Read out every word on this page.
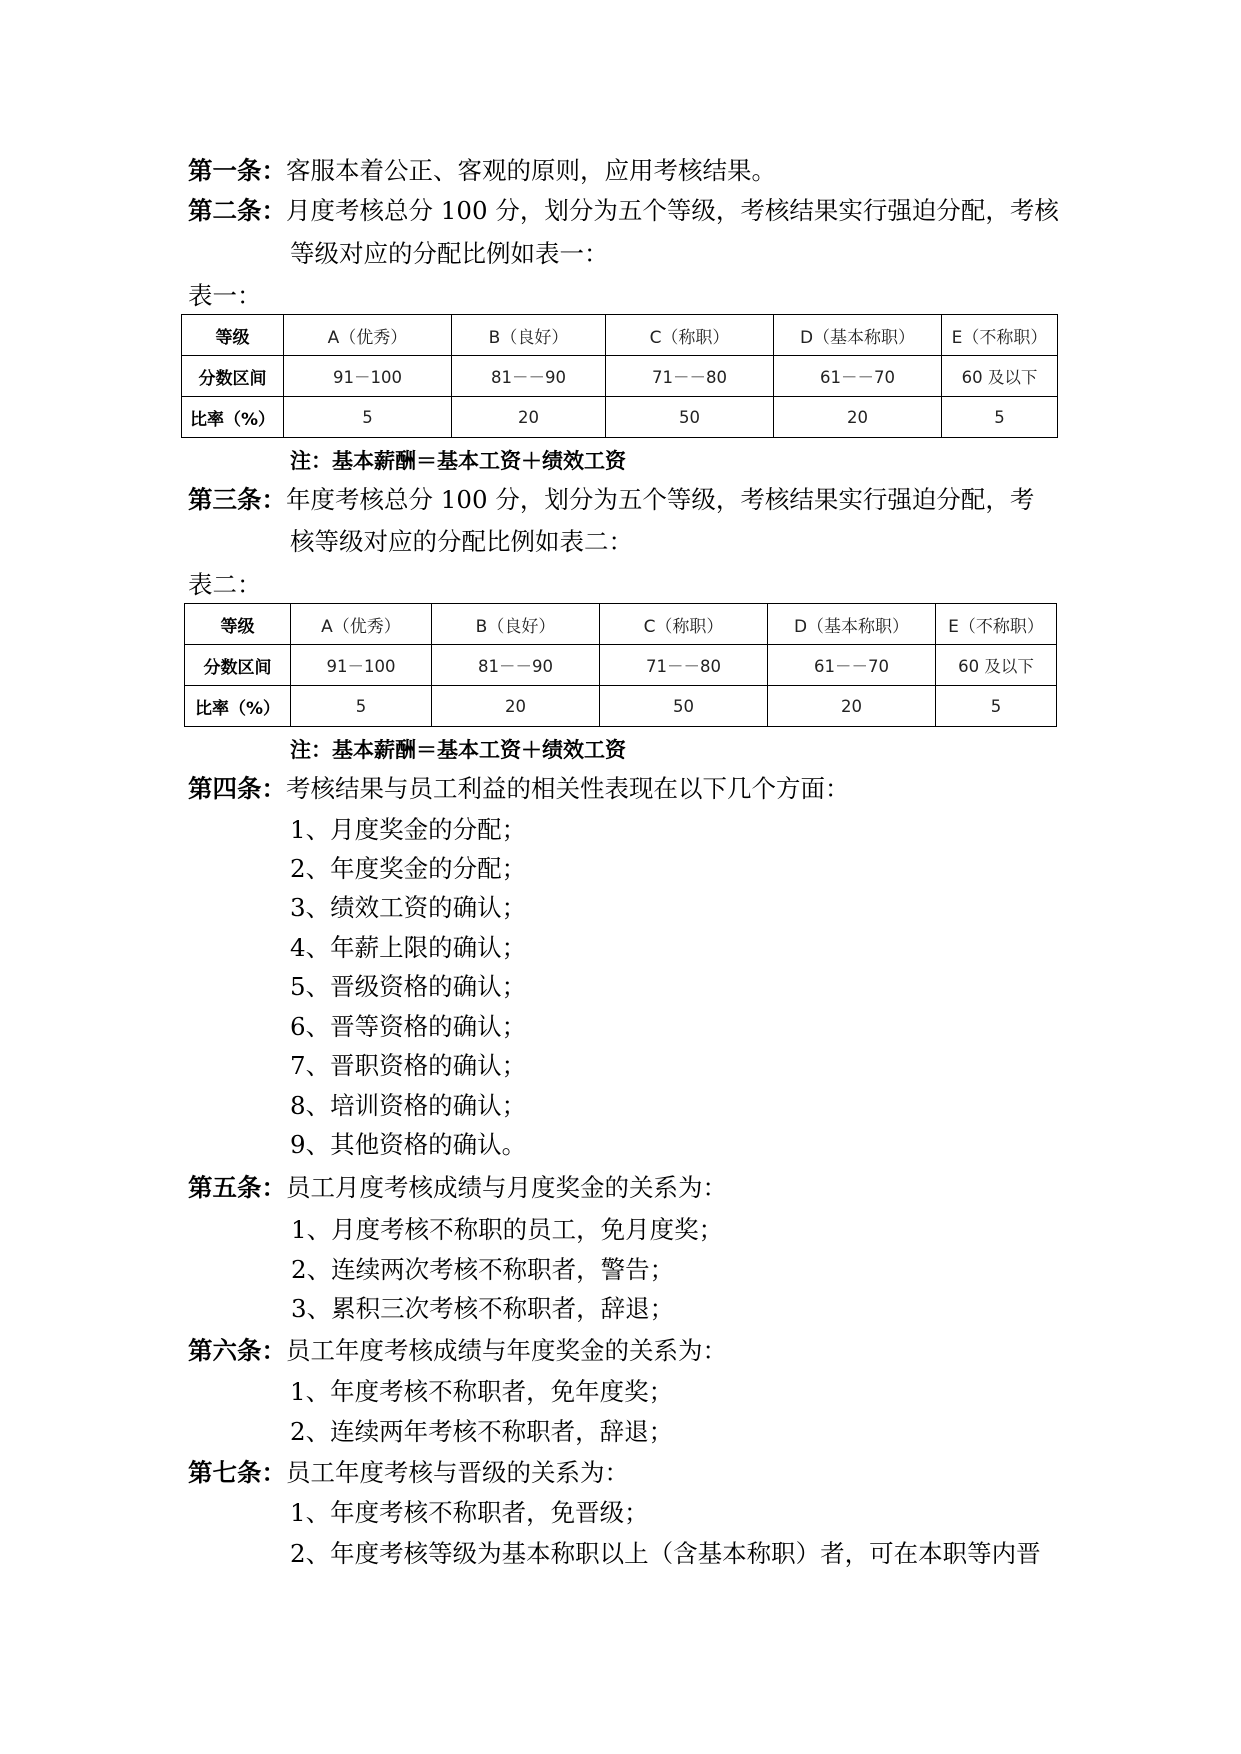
第一条：客服本着公正、客观的原则，应用考核结果。
第二条：月度考核总分 100 分，划分为五个等级，考核结果实行强迫分配，考核
等级对应的分配比例如表一：
表一：
等级	A（优秀）	B（良好）	C（称职）	D（基本称职）	E（不称职）
分数区间	91－100	81－－90	71－－80	61－－70	60 及以下
比率（%）	5	20	50	20	5
注：基本薪酬＝基本工资＋绩效工资
第三条：年度考核总分 100 分，划分为五个等级，考核结果实行强迫分配，考
核等级对应的分配比例如表二：
表二：
等级	A（优秀）	B（良好）	C（称职）	D（基本称职）	E（不称职）
分数区间	91－100	81－－90	71－－80	61－－70	60 及以下
比率（%）	5	20	50	20	5
注：基本薪酬＝基本工资＋绩效工资
第四条：考核结果与员工利益的相关性表现在以下几个方面：
1、月度奖金的分配；
2、年度奖金的分配；
3、绩效工资的确认；
4、年薪上限的确认；
5、晋级资格的确认；
6、晋等资格的确认；
7、晋职资格的确认；
8、培训资格的确认；
9、其他资格的确认。
第五条：员工月度考核成绩与月度奖金的关系为：
1、月度考核不称职的员工，免月度奖；
2、连续两次考核不称职者，警告；
3、累积三次考核不称职者，辞退；
第六条：员工年度考核成绩与年度奖金的关系为：
1、年度考核不称职者，免年度奖；
2、连续两年考核不称职者，辞退；
第七条：员工年度考核与晋级的关系为：
1、年度考核不称职者，免晋级；
2、年度考核等级为基本称职以上（含基本称职）者，可在本职等内晋
